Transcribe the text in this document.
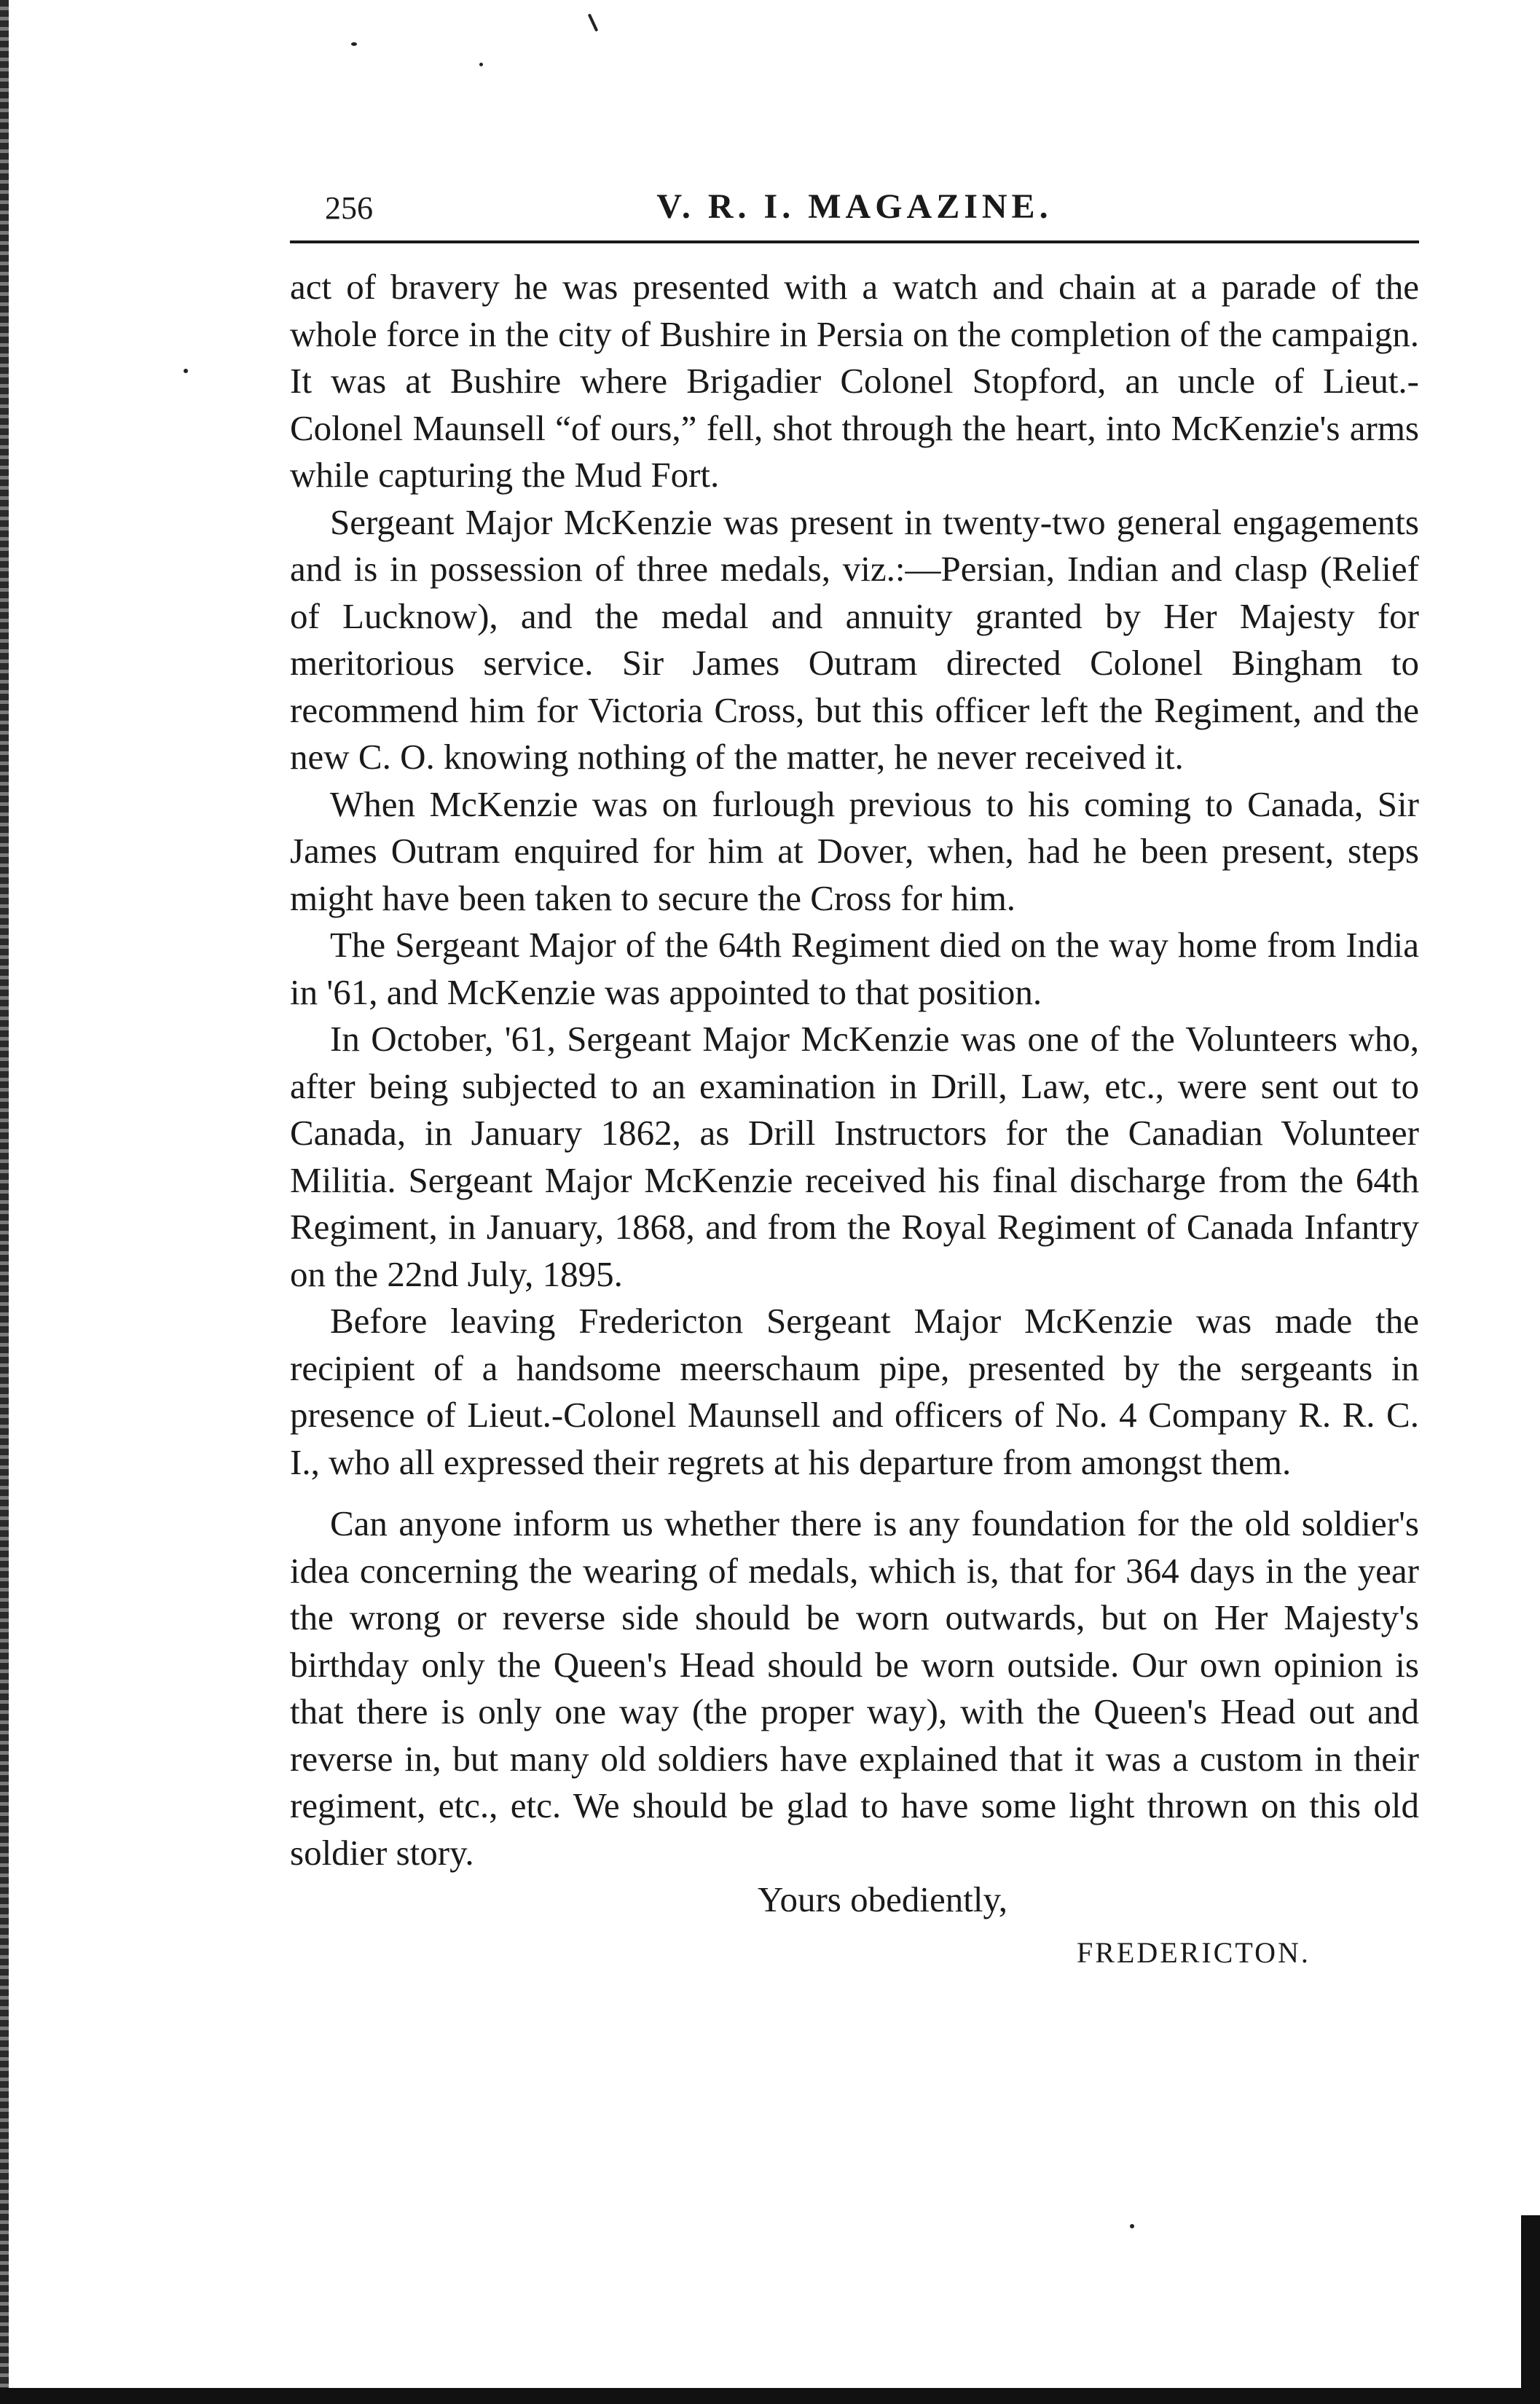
256	V. R. I. MAGAZINE.

act of bravery he was presented with a watch and chain at a parade of the whole force in the city of Bushire in Persia on the completion of the campaign. It was at Bushire where Brigadier Colonel Stopford, an uncle of Lieut.-Colonel Maunsell “of ours,” fell, shot through the heart, into McKenzie's arms while capturing the Mud Fort.

Sergeant Major McKenzie was present in twenty-two general engagements and is in possession of three medals, viz.:—Persian, Indian and clasp (Relief of Lucknow), and the medal and annuity granted by Her Majesty for meritorious service. Sir James Outram directed Colonel Bingham to recommend him for Victoria Cross, but this officer left the Regiment, and the new C. O. knowing nothing of the matter, he never received it.

When McKenzie was on furlough previous to his coming to Canada, Sir James Outram enquired for him at Dover, when, had he been present, steps might have been taken to secure the Cross for him.

The Sergeant Major of the 64th Regiment died on the way home from India in '61, and McKenzie was appointed to that position.

In October, '61, Sergeant Major McKenzie was one of the Volunteers who, after being subjected to an examination in Drill, Law, etc., were sent out to Canada, in January 1862, as Drill Instructors for the Canadian Volunteer Militia. Sergeant Major McKenzie received his final discharge from the 64th Regiment, in January, 1868, and from the Royal Regiment of Canada Infantry on the 22nd July, 1895.

Before leaving Fredericton Sergeant Major McKenzie was made the recipient of a handsome meerschaum pipe, presented by the sergeants in presence of Lieut.-Colonel Maunsell and officers of No. 4 Company R. R. C. I., who all expressed their regrets at his departure from amongst them.

Can anyone inform us whether there is any foundation for the old soldier's idea concerning the wearing of medals, which is, that for 364 days in the year the wrong or reverse side should be worn outwards, but on Her Majesty's birthday only the Queen's Head should be worn outside. Our own opinion is that there is only one way (the proper way), with the Queen's Head out and reverse in, but many old soldiers have explained that it was a custom in their regiment, etc., etc. We should be glad to have some light thrown on this old soldier story.

Yours obediently,
FREDERICTON.
